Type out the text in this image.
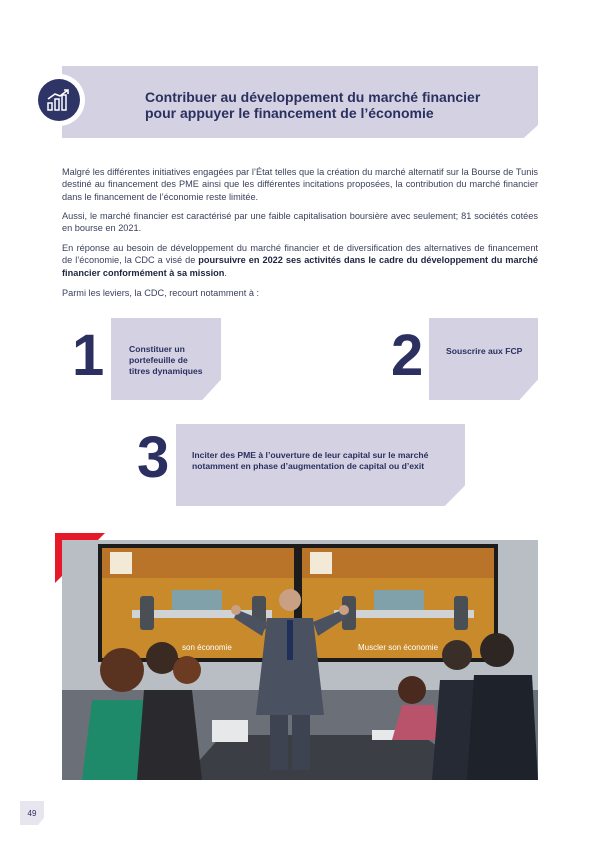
Contribuer au développement du marché financier
pour appuyer le financement de l’économie
Malgré les différentes initiatives engagées par l’État telles que la création du marché alternatif sur la Bourse de Tunis destiné au financement des PME ainsi que les différentes incitations proposées, la contribution du marché financier dans le financement de l’économie reste limitée.
Aussi, le marché financier est caractérisé par une faible capitalisation boursière avec seulement; 81 sociétés cotées en bourse en 2021.
En réponse au besoin de développement du marché financier et de diversification des alternatives de financement de l’économie, la CDC a visé de poursuivre en 2022 ses activités dans le cadre du développement du marché financier conformément à sa mission.
Parmi les leviers, la CDC, recourt notamment à :
1	Constituer un
portefeuille de
titres dynamiques	2	Souscrire aux FCP
3	Inciter des PME à l’ouverture de leur capital sur le marché
notamment en phase d’augmentation de capital ou d’exit
son économie	Muscler son économie
49
